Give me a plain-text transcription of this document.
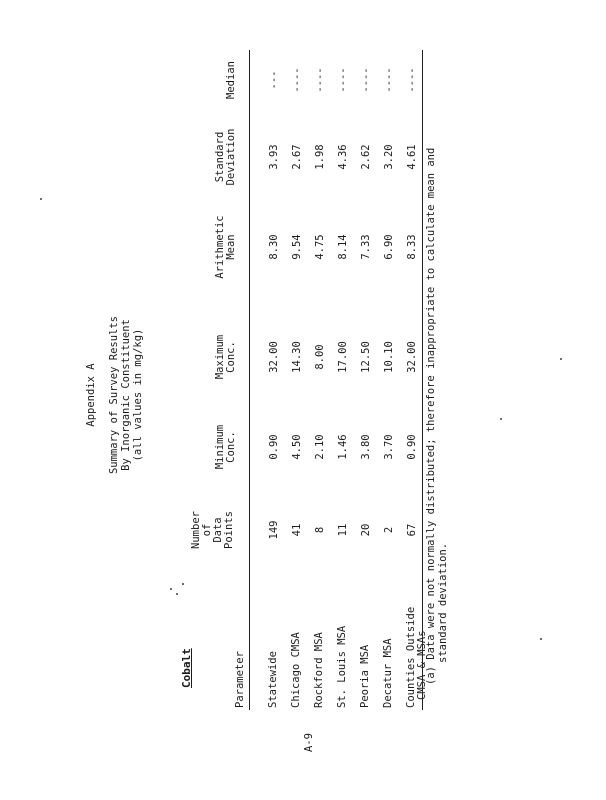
Appendix A Summary of Survey Results By Inorganic Constituent (all values in mg/kg)
Cobalt	Parameter
Number of Data Points
Minimum Conc.
Maximum Conc.
Arithmetic Mean
Standard Deviation
Median
Statewide
149
0.90
32.00
8.30
3.93
---
Chicago CMSA
41
4.50
14.30
9.54
2.67
----
Rockford MSA
8
2.10
8.00
4.75
1.98
----
St. Louis MSA
11
1.46
17.00
8.14
4.36
----
Peoria MSA
20
3.80
12.50
7.33
2.62
----
Decatur MSA
2
3.70
10.10
6.90
3.20
----
Counties Outside CMSA & MSAs
67
0.90
32.00
8.33
4.61
----
(a) Data were not normally distributed; therefore inappropriate to calculate mean and standard deviation.
A-9
